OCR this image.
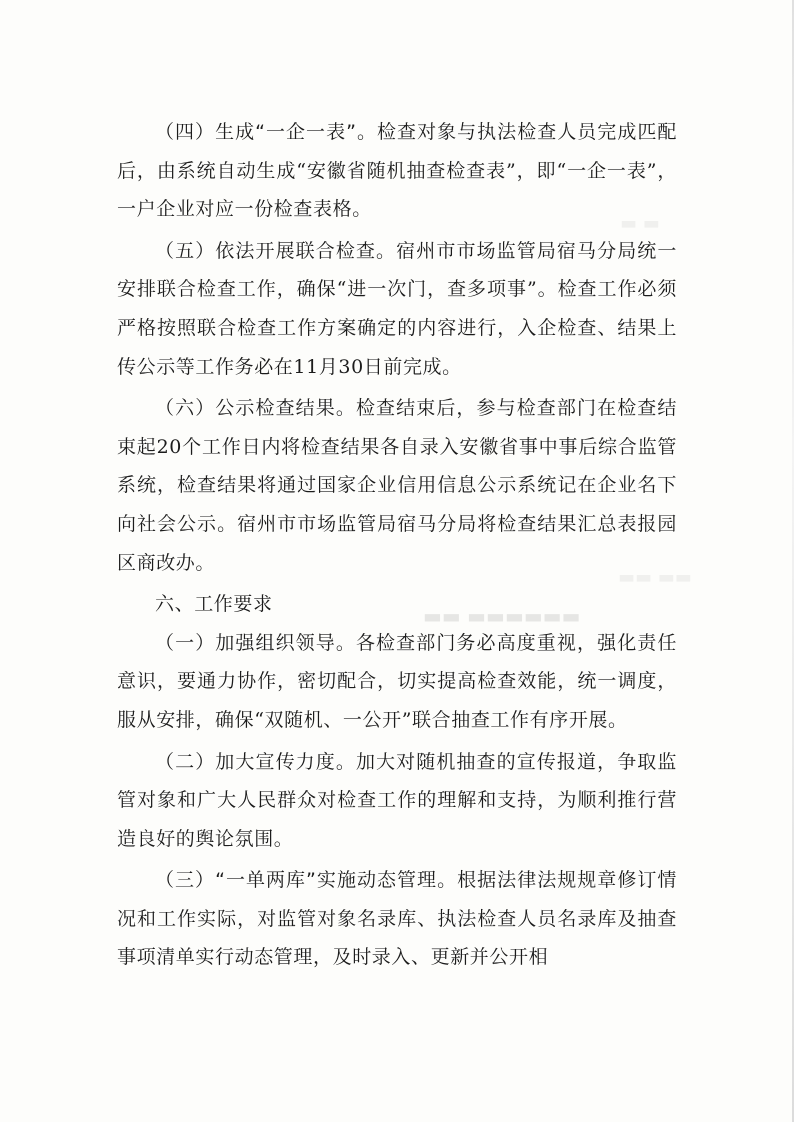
▬▬ ▬▬▬▬▬▬
▬▬ ▬▬
▬ ▬

（四）生成“一企一表”。检查对象与执法检查人员完成匹配后，由系统自动生成“安徽省随机抽查检查表”，即“一企一表”，一户企业对应一份检查表格。

（五）依法开展联合检查。宿州市市场监管局宿马分局统一安排联合检查工作，确保“进一次门，查多项事”。检查工作必须严格按照联合检查工作方案确定的内容进行，入企检查、结果上传公示等工作务必在11月30日前完成。

（六）公示检查结果。检查结束后，参与检查部门在检查结束起20个工作日内将检查结果各自录入安徽省事中事后综合监管系统，检查结果将通过国家企业信用信息公示系统记在企业名下向社会公示。宿州市市场监管局宿马分局将检查结果汇总表报园区商改办。

六、工作要求

（一）加强组织领导。各检查部门务必高度重视，强化责任意识，要通力协作，密切配合，切实提高检查效能，统一调度，服从安排，确保“双随机、一公开”联合抽查工作有序开展。

（二）加大宣传力度。加大对随机抽查的宣传报道，争取监管对象和广大人民群众对检查工作的理解和支持，为顺利推行营造良好的舆论氛围。

（三）“一单两库”实施动态管理。根据法律法规规章修订情况和工作实际，对监管对象名录库、执法检查人员名录库及抽查事项清单实行动态管理，及时录入、更新并公开相
